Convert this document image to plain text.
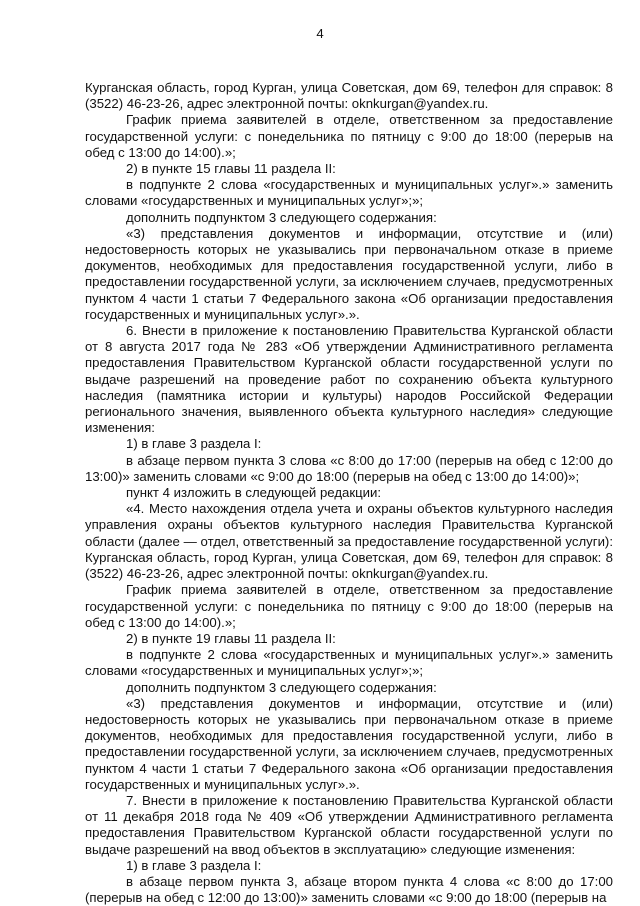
4

Курганская область, город Курган, улица Советская, дом 69, телефон для справок: 8 (3522) 46-23-26, адрес электронной почты: oknkurgan@yandex.ru.

График приема заявителей в отделе, ответственном за предоставление государственной услуги: с понедельника по пятницу с 9:00 до 18:00 (перерыв на обед с 13:00 до 14:00).»;

2) в пункте 15 главы 11 раздела II:

в подпункте 2 слова «государственных и муниципальных услуг».» заменить словами «государственных и муниципальных услуг»;»;

дополнить подпунктом 3 следующего содержания:

«3) представления документов и информации, отсутствие и (или) недостоверность которых не указывались при первоначальном отказе в приеме документов, необходимых для предоставления государственной услуги, либо в предоставлении государственной услуги, за исключением случаев, предусмотренных пунктом 4 части 1 статьи 7 Федерального закона «Об организации предоставления государственных и муниципальных услуг».».

6. Внести в приложение к постановлению Правительства Курганской области от 8 августа 2017 года № 283 «Об утверждении Административного регламента предоставления Правительством Курганской области государственной услуги по выдаче разрешений на проведение работ по сохранению объекта культурного наследия (памятника истории и культуры) народов Российской Федерации регионального значения, выявленного объекта культурного наследия» следующие изменения:

1) в главе 3 раздела I:

в абзаце первом пункта 3 слова «с 8:00 до 17:00 (перерыв на обед с 12:00 до 13:00)» заменить словами «с 9:00 до 18:00 (перерыв на обед с 13:00 до 14:00)»;

пункт 4 изложить в следующей редакции:

«4. Место нахождения отдела учета и охраны объектов культурного наследия управления охраны объектов культурного наследия Правительства Курганской области (далее — отдел, ответственный за предоставление государственной услуги): Курганская область, город Курган, улица Советская, дом 69, телефон для справок: 8 (3522) 46-23-26, адрес электронной почты: oknkurgan@yandex.ru.

График приема заявителей в отделе, ответственном за предоставление государственной услуги: с понедельника по пятницу с 9:00 до 18:00 (перерыв на обед с 13:00 до 14:00).»;

2) в пункте 19 главы 11 раздела II:

в подпункте 2 слова «государственных и муниципальных услуг».» заменить словами «государственных и муниципальных услуг»;»;

дополнить подпунктом 3 следующего содержания:

«3) представления документов и информации, отсутствие и (или) недостоверность которых не указывались при первоначальном отказе в приеме документов, необходимых для предоставления государственной услуги, либо в предоставлении государственной услуги, за исключением случаев, предусмотренных пунктом 4 части 1 статьи 7 Федерального закона «Об организации предоставления государственных и муниципальных услуг».».

7. Внести в приложение к постановлению Правительства Курганской области от 11 декабря 2018 года № 409 «Об утверждении Административного регламента предоставления Правительством Курганской области государственной услуги по выдаче разрешений на ввод объектов в эксплуатацию» следующие изменения:

1) в главе 3 раздела I:

в абзаце первом пункта 3, абзаце втором пункта 4 слова «с 8:00 до 17:00 (перерыв на обед с 12:00 до 13:00)» заменить словами «с 9:00 до 18:00 (перерыв на
